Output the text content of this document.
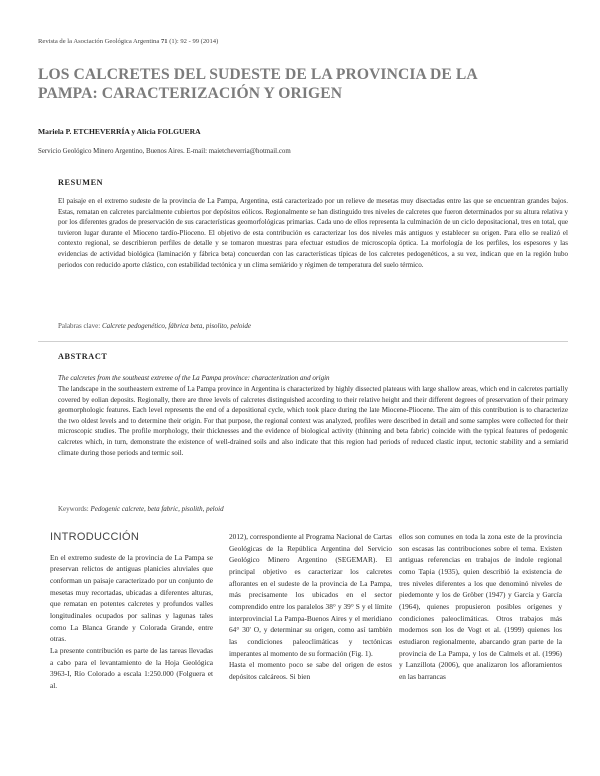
Revista de la Asociación Geológica Argentina 71 (1): 92 - 99 (2014)
LOS CALCRETES DEL SUDESTE DE LA PROVINCIA DE LA
PAMPA: CARACTERIZACIÓN Y ORIGEN
Mariela P. ETCHEVERRÍA y Alicia FOLGUERA
Servicio Geológico Minero Argentino, Buenos Aires. E-mail: maietcheverria@hotmail.com
RESUMEN
El paisaje en el extremo sudeste de la provincia de La Pampa, Argentina, está caracterizado por un relieve de mesetas muy disectadas entre las que se encuentran grandes bajos. Estas, rematan en calcretes parcialmente cubiertos por depósitos eólicos. Regionalmente se han distinguido tres niveles de calcretes que fueron determinados por su altura relativa y por los diferentes grados de preservación de sus características geomorfológicas primarias. Cada uno de ellos representa la culminación de un ciclo depositacional, tres en total, que tuvieron lugar durante el Mioceno tardío-Plioceno. El objetivo de esta contribución es caracterizar los dos niveles más antiguos y establecer su origen. Para ello se realizó el contexto regional, se describieron perfiles de detalle y se tomaron muestras para efectuar estudios de microscopía óptica. La morfología de los perfiles, los espesores y las evidencias de actividad biológica (laminación y fábrica beta) concuerdan con las características típicas de los calcretes pedogenéticos, a su vez, indican que en la región hubo periodos con reducido aporte clástico, con estabilidad tectónica y un clima semiárido y régimen de temperatura del suelo térmico.
Palabras clave: Calcrete pedogenético, fábrica beta, pisolito, peloide
ABSTRACT
The calcretes from the southeast extreme of the La Pampa province: characterization and origin
The landscape in the southeastern extreme of La Pampa province in Argentina is characterized by highly dissected plateaus with large shallow areas, which end in calcretes partially covered by eolian deposits. Regionally, there are three levels of calcretes distinguished according to their relative height and their different degrees of preservation of their primary geomorphologic features. Each level represents the end of a depositional cycle, which took place during the late Miocene-Pliocene. The aim of this contribution is to characterize the two oldest levels and to determine their origin. For that purpose, the regional context was analyzed, profiles were described in detail and some samples were collected for their microscopic studies. The profile morphology, their thicknesses and the evidence of biological activity (thinning and beta fabric) coincide with the typical features of pedogenic calcretes which, in turn, demonstrate the existence of well-drained soils and also indicate that this region had periods of reduced clastic input, tectonic stability and a semiarid climate during those periods and termic soil.
Keywords: Pedogenic calcrete, beta fabric, pisolith, peloid
INTRODUCCIÓN

En el extremo sudeste de la provincia de La Pampa se preservan relictos de antiguas planicies aluviales que conforman un paisaje caracterizado por un conjunto de mesetas muy recortadas, ubicadas a diferentes alturas, que rematan en potentes calcretes y profundos valles longitudinales ocupados por salinas y lagunas tales como La Blanca Grande y Colorada Grande, entre otras.

La presente contribución es parte de las tareas llevadas a cabo para el levantamiento de la Hoja Geológica 3963-I, Río Colorado a escala 1:250.000 (Folguera et al.

2012), correspondiente al Programa Nacional de Cartas Geológicas de la República Argentina del Servicio Geológico Minero Argentino (SEGEMAR). El principal objetivo es caracterizar los calcretes aflorantes en el sudeste de la provincia de La Pampa, más precisamente los ubicados en el sector comprendido entre los paralelos 38° y 39° S y el límite interprovincial La Pampa-Buenos Aires y el meridiano 64° 30' O, y determinar su origen, como así también las condiciones paleoclimáticas y tectónicas imperantes al momento de su formación (Fig. 1).

Hasta el momento poco se sabe del origen de estos depósitos calcáreos. Si bien

ellos son comunes en toda la zona este de la provincia son escasas las contribuciones sobre el tema. Existen antiguas referencias en trabajos de índole regional como Tapia (1935), quien describió la existencia de tres niveles diferentes a los que denominó niveles de piedemonte y los de Gröber (1947) y García y García (1964), quienes propusieron posibles orígenes y condiciones paleoclimáticas. Otros trabajos más modernos son los de Vogt et al. (1999) quienes los estudiaron regionalmente, abarcando gran parte de la provincia de La Pampa, y los de Calmels et al. (1996) y Lanzillota (2006), que analizaron los afloramientos en las barrancas
